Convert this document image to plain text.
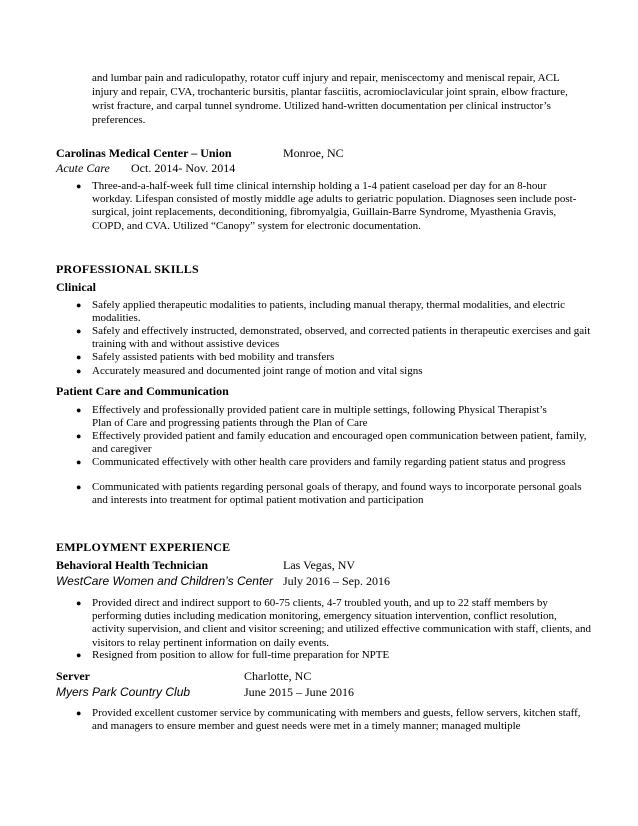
and lumbar pain and radiculopathy, rotator cuff injury and repair, meniscectomy and meniscal repair, ACL injury and repair, CVA, trochanteric bursitis, plantar fasciitis, acromioclavicular joint sprain, elbow fracture, wrist fracture, and carpal tunnel syndrome. Utilized hand-written documentation per clinical instructor’s preferences.

Carolinas Medical Center – Union	Monroe, NC
Acute Care Oct. 2014- Nov. 2014
● Three-and-a-half-week full time clinical internship holding a 1-4 patient caseload per day for an 8-hour workday. Lifespan consisted of mostly middle age adults to geriatric population. Diagnoses seen include post-surgical, joint replacements, deconditioning, fibromyalgia, Guillain-Barre Syndrome, Myasthenia Gravis, COPD, and CVA. Utilized “Canopy” system for electronic documentation.
PROFESSIONAL SKILLS
Clinical
● Safely applied therapeutic modalities to patients, including manual therapy, thermal modalities, and electric modalities.
● Safely and effectively instructed, demonstrated, observed, and corrected patients in therapeutic exercises and gait training with and without assistive devices
● Safely assisted patients with bed mobility and transfers
● Accurately measured and documented joint range of motion and vital signs
Patient Care and Communication
● Effectively and professionally provided patient care in multiple settings, following Physical Therapist’s Plan of Care and progressing patients through the Plan of Care
● Effectively provided patient and family education and encouraged open communication between patient, family, and caregiver
● Communicated effectively with other health care providers and family regarding patient status and progress
● Communicated with patients regarding personal goals of therapy, and found ways to incorporate personal goals and interests into treatment for optimal patient motivation and participation
EMPLOYMENT EXPERIENCE
Behavioral Health Technician	Las Vegas, NV
WestCare Women and Children’s Center July 2016 – Sep. 2016
● Provided direct and indirect support to 60-75 clients, 4-7 troubled youth, and up to 22 staff members by performing duties including medication monitoring, emergency situation intervention, conflict resolution, activity supervision, and client and visitor screening; and utilized effective communication with staff, clients, and visitors to relay pertinent information on daily events.
● Resigned from position to allow for full-time preparation for NPTE
Server	Charlotte, NC
Myers Park Country Club	June 2015 – June 2016
● Provided excellent customer service by communicating with members and guests, fellow servers, kitchen staff, and managers to ensure member and guest needs were met in a timely manner; managed multiple
